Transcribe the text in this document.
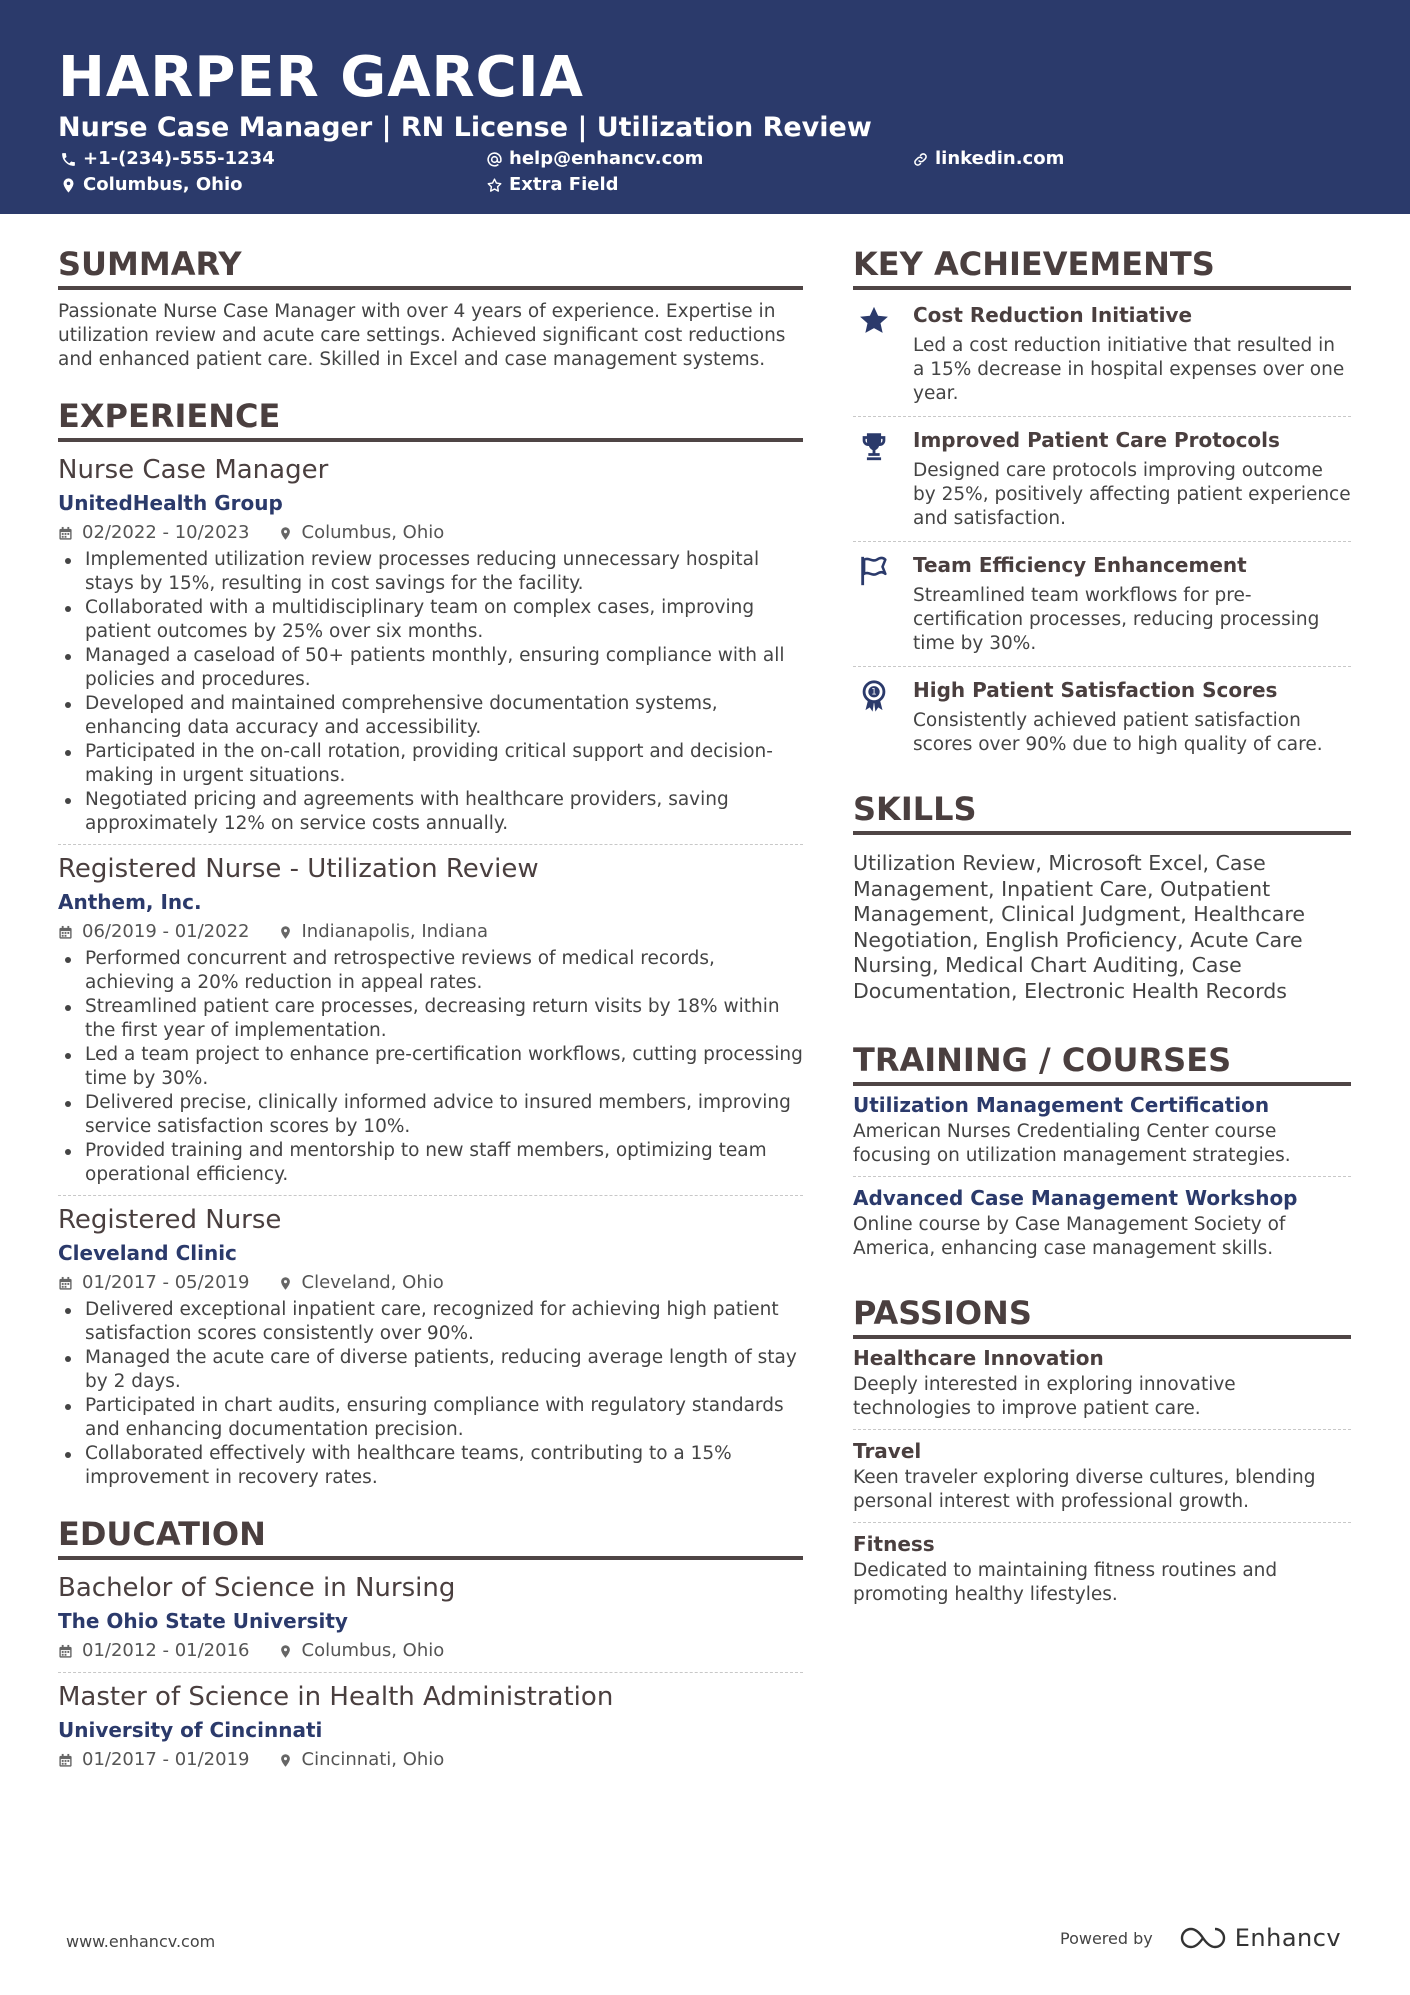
HARPER GARCIA
Nurse Case Manager | RN License | Utilization Review
+1-(234)-555-1234	help@enhancv.com	linkedin.com
Columbus, Ohio	Extra Field
SUMMARY
Passionate Nurse Case Manager with over 4 years of experience. Expertise in utilization review and acute care settings. Achieved significant cost reductions and enhanced patient care. Skilled in Excel and case management systems.
EXPERIENCE
Nurse Case Manager
UnitedHealth Group
02/2022 - 10/2023	Columbus, Ohio
Implemented utilization review processes reducing unnecessary hospital stays by 15%, resulting in cost savings for the facility.
Collaborated with a multidisciplinary team on complex cases, improving patient outcomes by 25% over six months.
Managed a caseload of 50+ patients monthly, ensuring compliance with all policies and procedures.
Developed and maintained comprehensive documentation systems, enhancing data accuracy and accessibility.
Participated in the on-call rotation, providing critical support and decision-making in urgent situations.
Negotiated pricing and agreements with healthcare providers, saving approximately 12% on service costs annually.
Registered Nurse - Utilization Review
Anthem, Inc.
06/2019 - 01/2022	Indianapolis, Indiana
Performed concurrent and retrospective reviews of medical records, achieving a 20% reduction in appeal rates.
Streamlined patient care processes, decreasing return visits by 18% within the first year of implementation.
Led a team project to enhance pre-certification workflows, cutting processing time by 30%.
Delivered precise, clinically informed advice to insured members, improving service satisfaction scores by 10%.
Provided training and mentorship to new staff members, optimizing team operational efficiency.
Registered Nurse
Cleveland Clinic
01/2017 - 05/2019	Cleveland, Ohio
Delivered exceptional inpatient care, recognized for achieving high patient satisfaction scores consistently over 90%.
Managed the acute care of diverse patients, reducing average length of stay by 2 days.
Participated in chart audits, ensuring compliance with regulatory standards and enhancing documentation precision.
Collaborated effectively with healthcare teams, contributing to a 15% improvement in recovery rates.
EDUCATION
Bachelor of Science in Nursing
The Ohio State University
01/2012 - 01/2016	Columbus, Ohio
Master of Science in Health Administration
University of Cincinnati
01/2017 - 01/2019	Cincinnati, Ohio
KEY ACHIEVEMENTS
Cost Reduction Initiative
Led a cost reduction initiative that resulted in a 15% decrease in hospital expenses over one year.
Improved Patient Care Protocols
Designed care protocols improving outcome by 25%, positively affecting patient experience and satisfaction.
Team Efficiency Enhancement
Streamlined team workflows for pre-certification processes, reducing processing time by 30%.
1 High Patient Satisfaction Scores
Consistently achieved patient satisfaction scores over 90% due to high quality of care.
SKILLS
Utilization Review, Microsoft Excel, Case Management, Inpatient Care, Outpatient Management, Clinical Judgment, Healthcare Negotiation, English Proficiency, Acute Care Nursing, Medical Chart Auditing, Case Documentation, Electronic Health Records
TRAINING / COURSES
Utilization Management Certification
American Nurses Credentialing Center course focusing on utilization management strategies.
Advanced Case Management Workshop
Online course by Case Management Society of America, enhancing case management skills.
PASSIONS
Healthcare Innovation
Deeply interested in exploring innovative technologies to improve patient care.
Travel
Keen traveler exploring diverse cultures, blending personal interest with professional growth.
Fitness
Dedicated to maintaining fitness routines and promoting healthy lifestyles.
www.enhancv.com	Powered by	Enhancv
